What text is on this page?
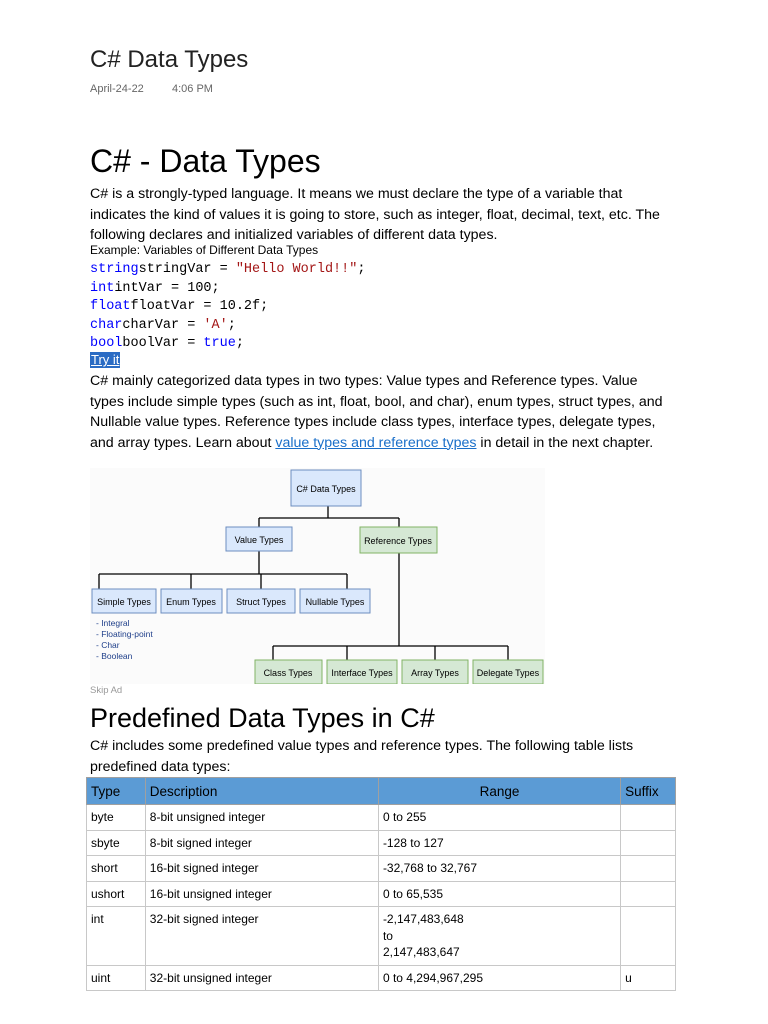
C# Data Types
April-24-22	4:06 PM
C# - Data Types

C# is a strongly-typed language. It means we must declare the type of a variable that indicates the kind of values it is going to store, such as integer, float, decimal, text, etc. The following declares and initialized variables of different data types.

Example: Variables of Different Data Types
stringstringVar = "Hello World!!";
intintVar = 100;
floatfloatVar = 10.2f;
charcharVar = 'A';
boolboolVar = true;
Try it

C# mainly categorized data types in two types: Value types and Reference types. Value types include simple types (such as int, float, bool, and char), enum types, struct types, and Nullable value types. Reference types include class types, interface types, delegate types, and array types. Learn about value types and reference types in detail in the next chapter.

C# Data Types
Value Types	Reference Types
Simple Types Enum Types Struct Types Nullable Types
- Integral
- Floating-point
- Char
- Boolean
Class Types Interface Types Array Types Delegate Types
Skip Ad
Predefined Data Types in C#

C# includes some predefined value types and reference types. The following table lists predefined data types:

Type	Description	Range	Suffix
byte	8-bit unsigned integer	0 to 255	
sbyte	8-bit signed integer	-128 to 127	
short	16-bit signed integer	-32,768 to 32,767	
ushort	16-bit unsigned integer	0 to 65,535	
int	32-bit signed integer	-2,147,483,648
to
2,147,483,647	

uint	32-bit unsigned integer	0 to 4,294,967,295	u
